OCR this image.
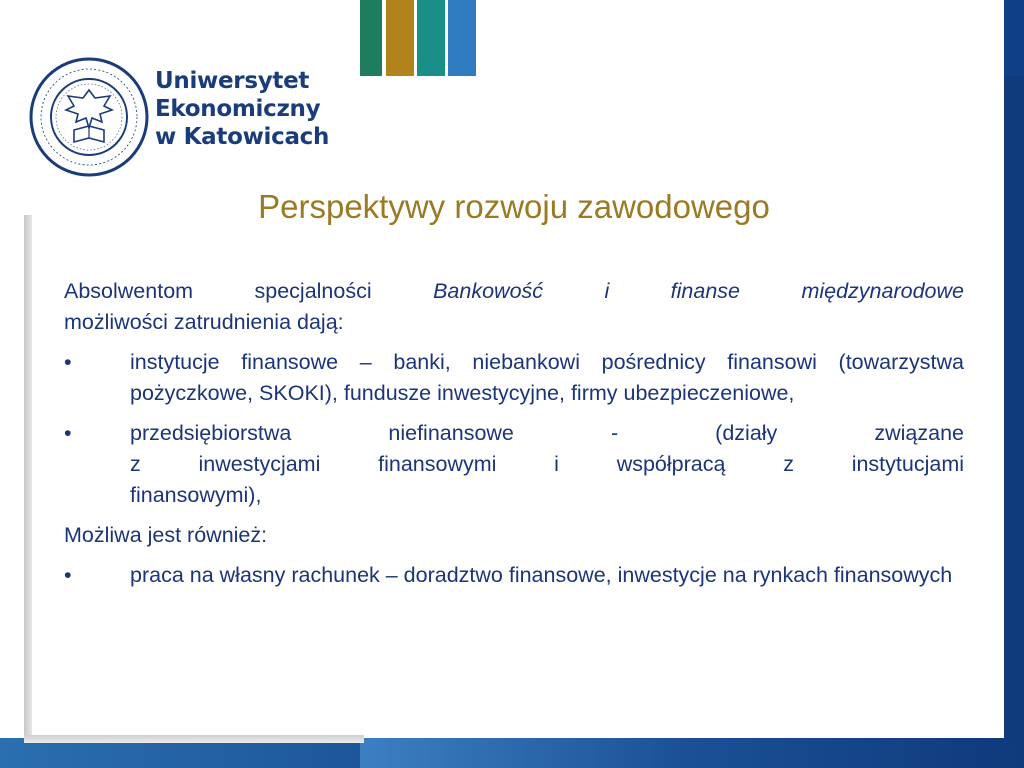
Uniwersytet
Ekonomiczny
w Katowicach
Perspektywy rozwoju zawodowego
Absolwentom specjalności	Bankowość i finanse międzynarodowe
możliwości zatrudnienia dają:
•	instytucje finansowe – banki, niebankowi pośrednicy finansowi (towarzystwa pożyczkowe, SKOKI), fundusze inwestycyjne, firmy ubezpieczeniowe,
•	przedsiębiorstwa niefinansowe - (działy związane
z inwestycjami finansowymi i współpracą z instytucjami
finansowymi),
Możliwa jest również:
•	praca na własny rachunek – doradztwo finansowe, inwestycje na rynkach finansowych
